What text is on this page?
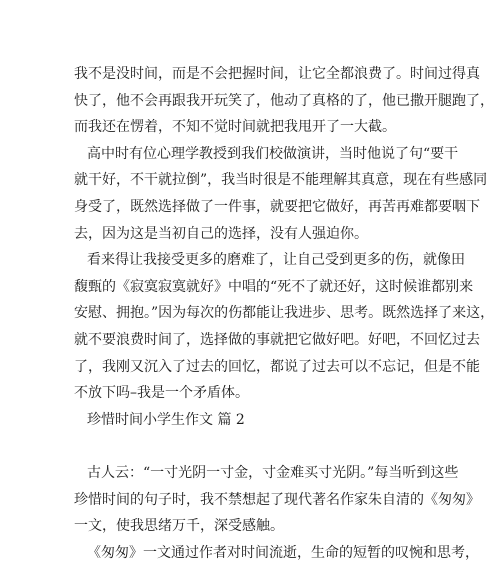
我不是没时间，而是不会把握时间，让它全都浪费了。时间过得真
快了，他不会再跟我开玩笑了，他动了真格的了，他已撒开腿跑了，
而我还在愣着，不知不觉时间就把我甩开了一大截。
高中时有位心理学教授到我们校做演讲，当时他说了句“要干
就干好，不干就拉倒”，我当时很是不能理解其真意，现在有些感同
身受了，既然选择做了一件事，就要把它做好，再苦再难都要咽下
去，因为这是当初自己的选择，没有人强迫你。
看来得让我接受更多的磨难了，让自己受到更多的伤，就像田
馥甄的《寂寞寂寞就好》中唱的“死不了就还好，这时候谁都别来
安慰、拥抱。”因为每次的伤都能让我进步、思考。既然选择了来这，
就不要浪费时间了，选择做的事就把它做好吧。好吧，不回忆过去
了，我刚又沉入了过去的回忆，都说了过去可以不忘记，但是不能
不放下吗–我是一个矛盾体。
珍惜时间小学生作文 篇 2
古人云：“一寸光阴一寸金，寸金难买寸光阴。”每当听到这些
珍惜时间的句子时，我不禁想起了现代著名作家朱自清的《匆匆》
一文，使我思绪万千，深受感触。
《匆匆》一文通过作者对时间流逝，生命的短暂的叹惋和思考，
